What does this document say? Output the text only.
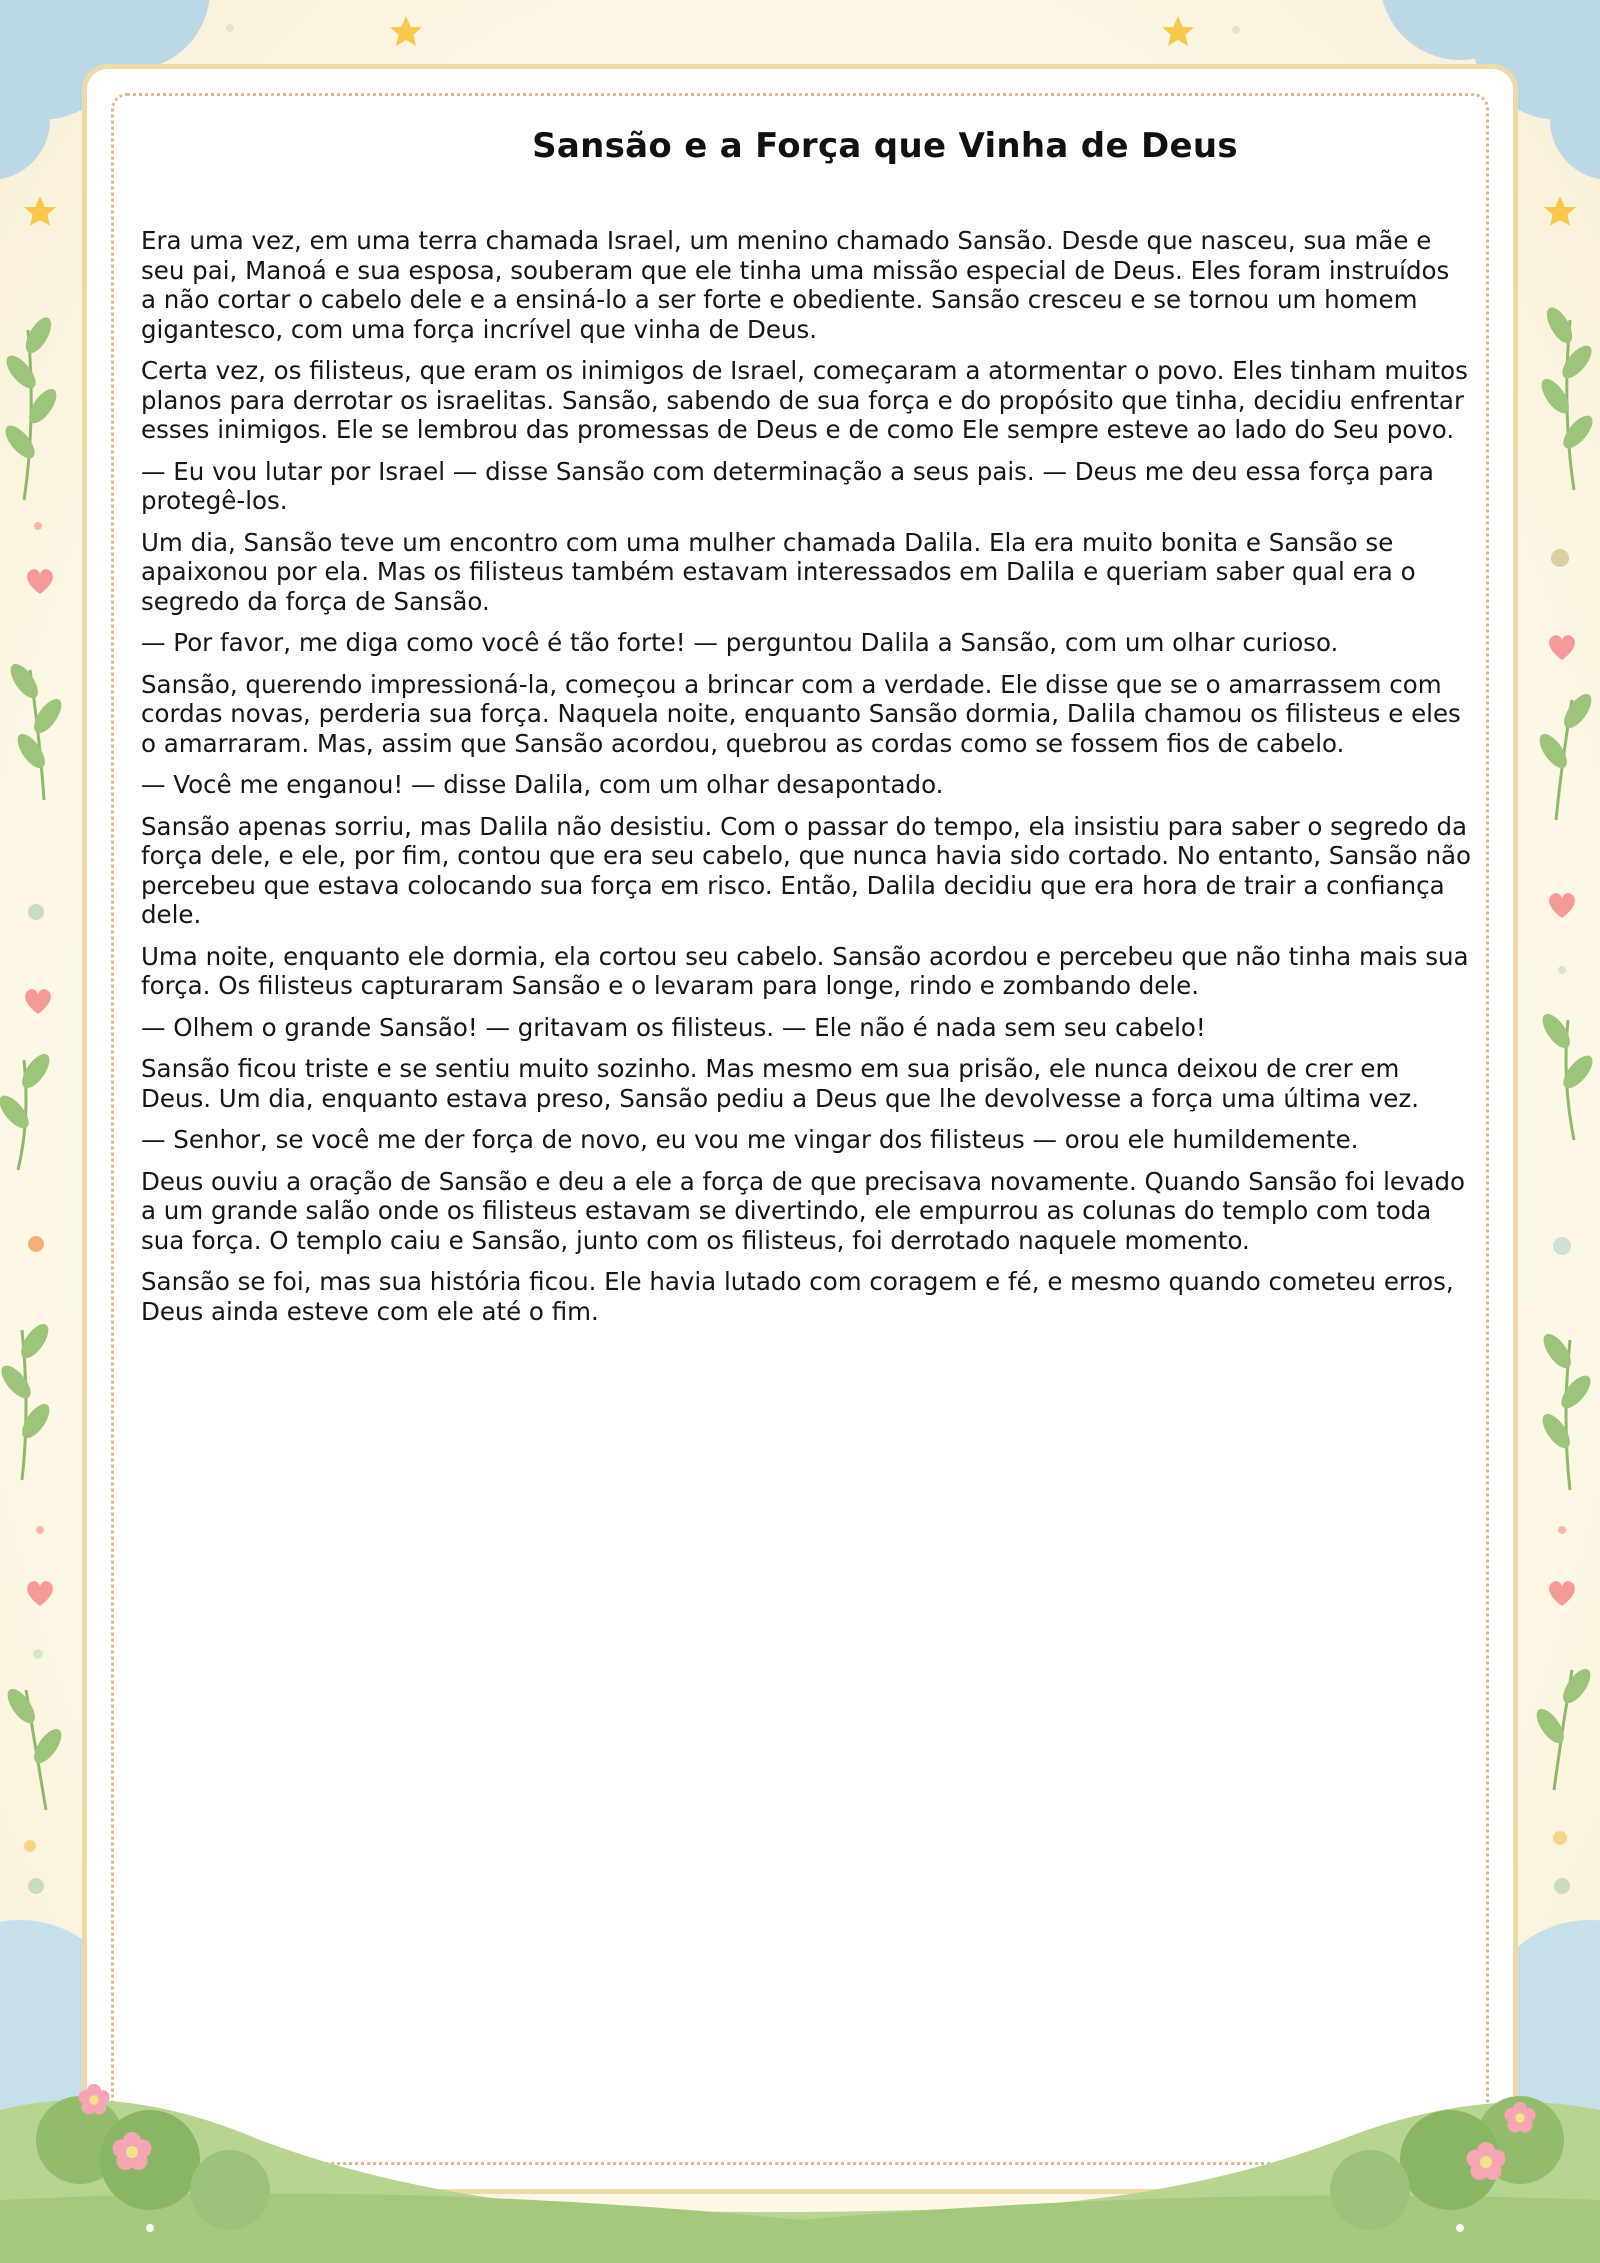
Sansão e a Força que Vinha de Deus

Era uma vez, em uma terra chamada Israel, um menino chamado Sansão. Desde que nasceu, sua mãe e seu pai, Manoá e sua esposa, souberam que ele tinha uma missão especial de Deus. Eles foram instruídos a não cortar o cabelo dele e a ensiná-lo a ser forte e obediente. Sansão cresceu e se tornou um homem gigantesco, com uma força incrível que vinha de Deus.

Certa vez, os filisteus, que eram os inimigos de Israel, começaram a atormentar o povo. Eles tinham muitos planos para derrotar os israelitas. Sansão, sabendo de sua força e do propósito que tinha, decidiu enfrentar esses inimigos. Ele se lembrou das promessas de Deus e de como Ele sempre esteve ao lado do Seu povo.

— Eu vou lutar por Israel — disse Sansão com determinação a seus pais. — Deus me deu essa força para protegê-los.

Um dia, Sansão teve um encontro com uma mulher chamada Dalila. Ela era muito bonita e Sansão se apaixonou por ela. Mas os filisteus também estavam interessados em Dalila e queriam saber qual era o segredo da força de Sansão.

— Por favor, me diga como você é tão forte! — perguntou Dalila a Sansão, com um olhar curioso.

Sansão, querendo impressioná-la, começou a brincar com a verdade. Ele disse que se o amarrassem com cordas novas, perderia sua força. Naquela noite, enquanto Sansão dormia, Dalila chamou os filisteus e eles o amarraram. Mas, assim que Sansão acordou, quebrou as cordas como se fossem fios de cabelo.

— Você me enganou! — disse Dalila, com um olhar desapontado.

Sansão apenas sorriu, mas Dalila não desistiu. Com o passar do tempo, ela insistiu para saber o segredo da força dele, e ele, por fim, contou que era seu cabelo, que nunca havia sido cortado. No entanto, Sansão não percebeu que estava colocando sua força em risco. Então, Dalila decidiu que era hora de trair a confiança dele.

Uma noite, enquanto ele dormia, ela cortou seu cabelo. Sansão acordou e percebeu que não tinha mais sua força. Os filisteus capturaram Sansão e o levaram para longe, rindo e zombando dele.

— Olhem o grande Sansão! — gritavam os filisteus. — Ele não é nada sem seu cabelo!

Sansão ficou triste e se sentiu muito sozinho. Mas mesmo em sua prisão, ele nunca deixou de crer em Deus. Um dia, enquanto estava preso, Sansão pediu a Deus que lhe devolvesse a força uma última vez.

— Senhor, se você me der força de novo, eu vou me vingar dos filisteus — orou ele humildemente.

Deus ouviu a oração de Sansão e deu a ele a força de que precisava novamente. Quando Sansão foi levado a um grande salão onde os filisteus estavam se divertindo, ele empurrou as colunas do templo com toda sua força. O templo caiu e Sansão, junto com os filisteus, foi derrotado naquele momento.

Sansão se foi, mas sua história ficou. Ele havia lutado com coragem e fé, e mesmo quando cometeu erros, Deus ainda esteve com ele até o fim.
